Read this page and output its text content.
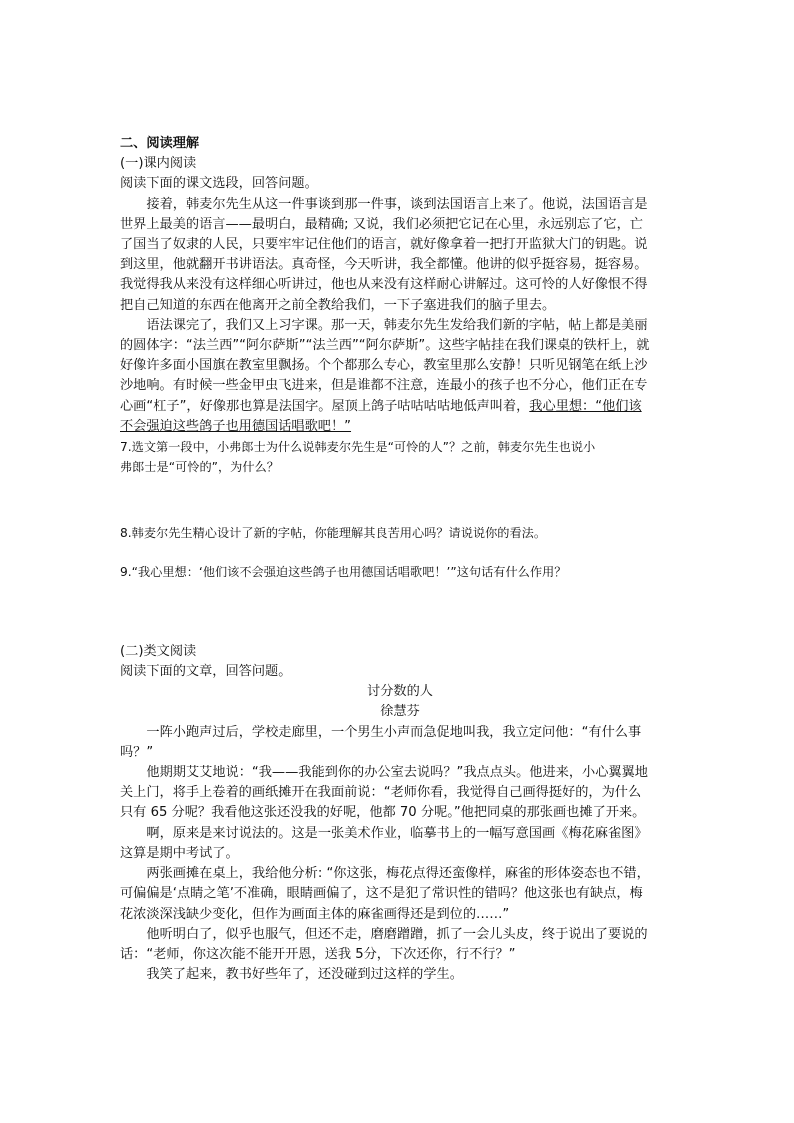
二、阅读理解

(一)课内阅读

阅读下面的课文选段，回答问题。

接着，韩麦尔先生从这一件事谈到那一件事，谈到法国语言上来了。他说，法国语言是

世界上最美的语言——最明白，最精确; 又说，我们必须把它记在心里，永远别忘了它，亡

了国当了奴隶的人民，只要牢牢记住他们的语言，就好像拿着一把打开监狱大门的钥匙。说

到这里，他就翻开书讲语法。真奇怪，今天听讲，我全都懂。他讲的似乎挺容易，挺容易。

我觉得我从来没有这样细心听讲过，他也从来没有这样耐心讲解过。这可怜的人好像恨不得

把自己知道的东西在他离开之前全教给我们，一下子塞进我们的脑子里去。

语法课完了，我们又上习字课。那一天，韩麦尔先生发给我们新的字帖，帖上都是美丽

的圆体字：“法兰西”“阿尔萨斯”“法兰西”“阿尔萨斯”。这些字帖挂在我们课桌的铁杆上，就

好像许多面小国旗在教室里飘扬。个个都那么专心，教室里那么安静！只听见钢笔在纸上沙

沙地响。有时候一些金甲虫飞进来，但是谁都不注意，连最小的孩子也不分心，他们正在专

心画“杠子”，好像那也算是法国字。屋顶上鸽子咕咕咕咕地低声叫着，我心里想：“他们该

不会强迫这些鸽子也用德国话唱歌吧！”

7.选文第一段中，小弗郎士为什么说韩麦尔先生是“可怜的人”？之前，韩麦尔先生也说小

弗郎士是“可怜的”，为什么？

8.韩麦尔先生精心设计了新的字帖，你能理解其良苦用心吗？请说说你的看法。

9.“我心里想：‘他们该不会强迫这些鸽子也用德国话唱歌吧！’”这句话有什么作用？

(二)类文阅读

阅读下面的文章，回答问题。

讨分数的人

徐慧芬

一阵小跑声过后，学校走廊里，一个男生小声而急促地叫我，我立定问他：“有什么事

吗？”

他期期艾艾地说：“我——我能到你的办公室去说吗？”我点点头。他进来，小心翼翼地

关上门，将手上卷着的画纸摊开在我面前说：“老师你看，我觉得自己画得挺好的，为什么

只有 65 分呢？我看他这张还没我的好呢，他都 70 分呢。”他把同桌的那张画也摊了开来。

啊，原来是来讨说法的。这是一张美术作业，临摹书上的一幅写意国画《梅花麻雀图》

这算是期中考试了。

两张画摊在桌上，我给他分析: “你这张，梅花点得还蛮像样，麻雀的形体姿态也不错，

可偏偏是‘点睛之笔’不准确，眼睛画偏了，这不是犯了常识性的错吗？他这张也有缺点，梅

花浓淡深浅缺少变化，但作为画面主体的麻雀画得还是到位的……”

他听明白了，似乎也服气，但还不走，磨磨蹭蹭，抓了一会儿头皮，终于说出了要说的

话：“老师，你这次能不能开开恩，送我 5分，下次还你，行不行？”

我笑了起来，教书好些年了，还没碰到过这样的学生。
